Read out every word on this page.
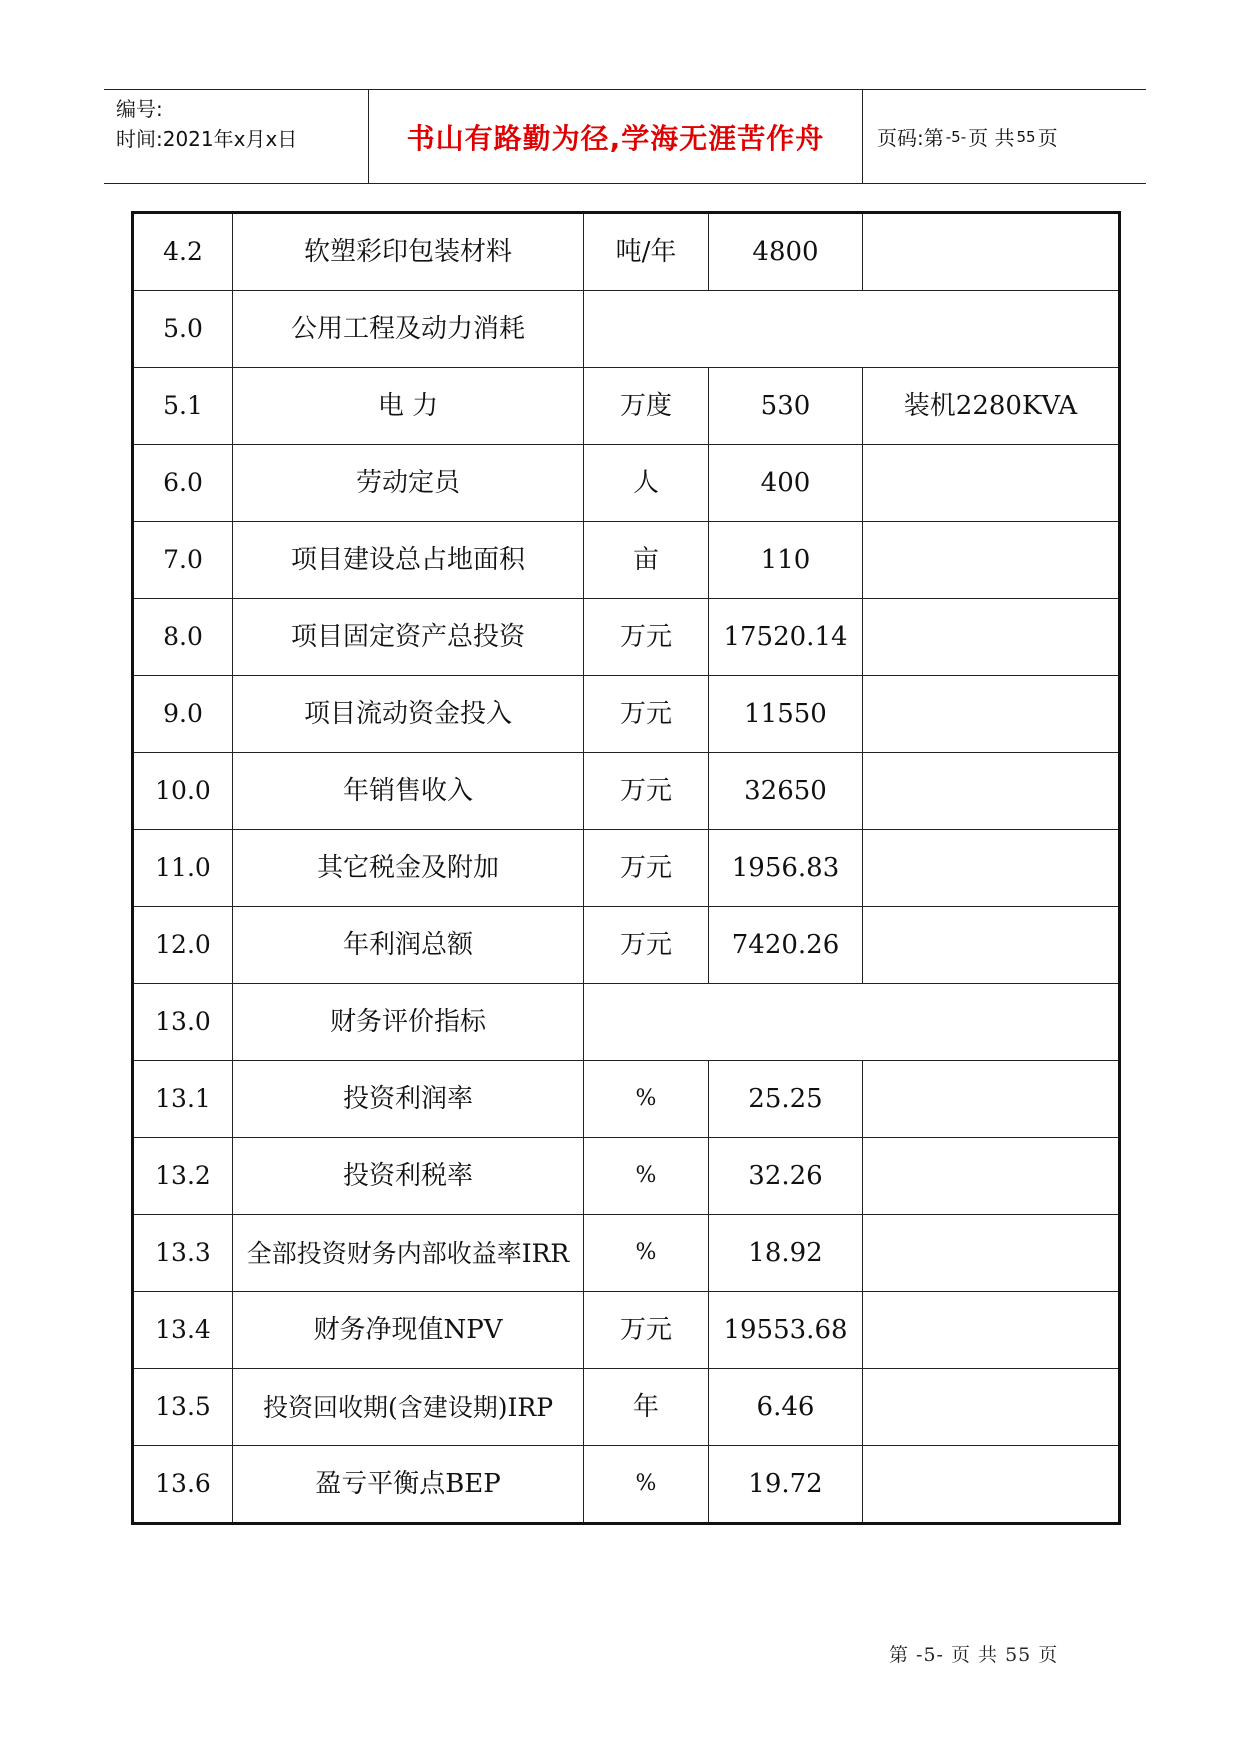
编号:
时间:2021年x月x日	书山有路勤为径,学海无涯苦作舟	页码:第 -5- 页 共 55 页
4.2	软塑彩印包装材料	吨/年	4800	
5.0	公用工程及动力消耗			
5.1	电 力	万度	530	装机2280KVA
6.0	劳动定员	人	400	
7.0	项目建设总占地面积	亩	110	
8.0	项目固定资产总投资	万元	17520.14	
9.0	项目流动资金投入	万元	11550	
10.0	年销售收入	万元	32650	
11.0	其它税金及附加	万元	1956.83	
12.0	年利润总额	万元	7420.26	
13.0	财务评价指标			
13.1	投资利润率	%	25.25	
13.2	投资利税率	%	32.26	
13.3	全部投资财务内部收益率IRR	%	18.92	
13.4	财务净现值NPV	万元	19553.68	
13.5	投资回收期(含建设期)IRP	年	6.46	
13.6	盈亏平衡点BEP	%	19.72	
第 -5- 页 共 55 页
